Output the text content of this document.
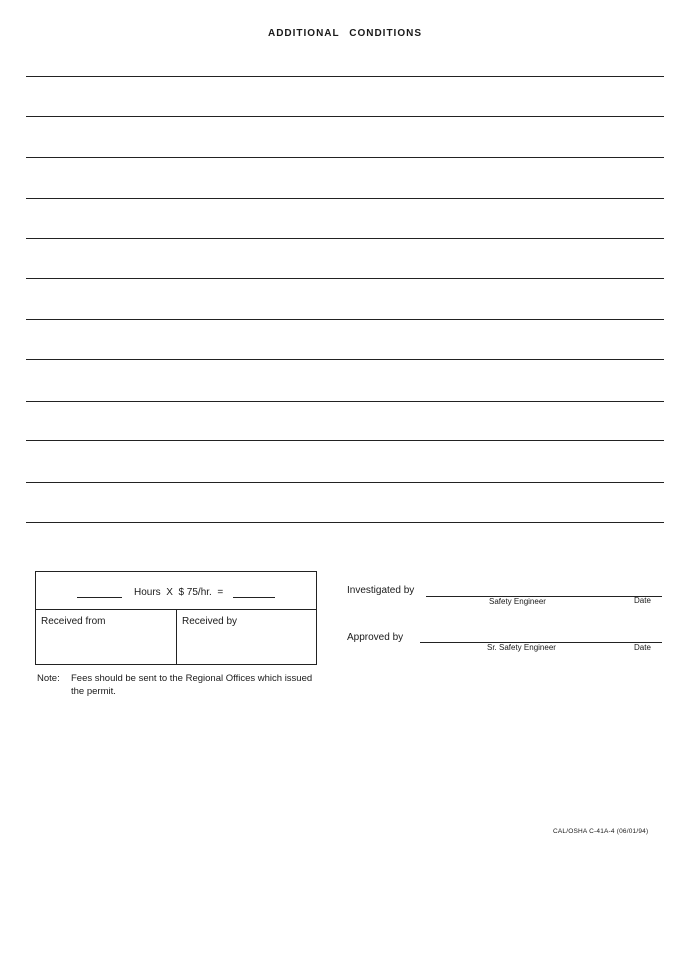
ADDITIONAL CONDITIONS
Hours  X  $ 75/hr.  =
Received from	Received by
Note: Fees should be sent to the Regional Offices which issued the permit.
Investigated by
Safety Engineer	Date
Approved by
Sr. Safety Engineer	Date
CAL/OSHA C-41A-4 (06/01/94)
